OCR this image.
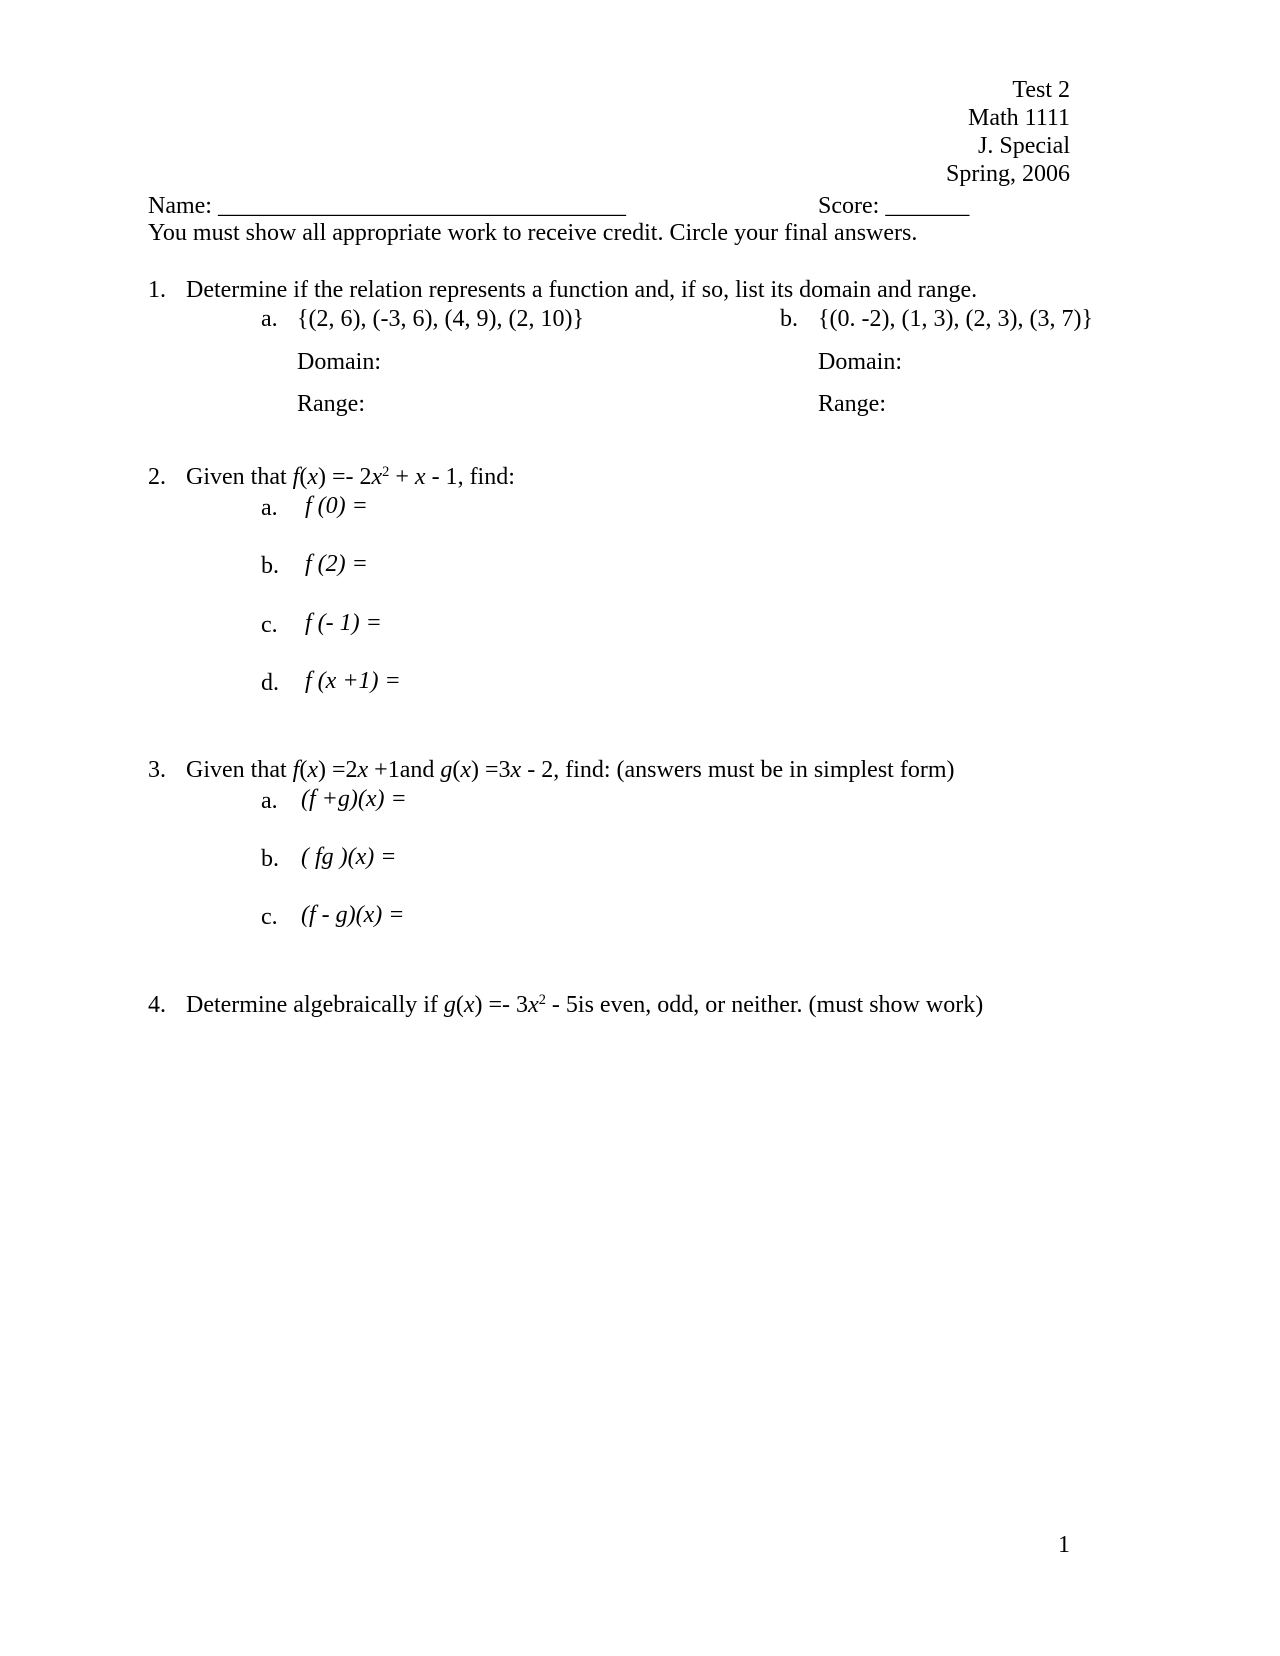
Test 2
Math 1111
J. Special
Spring, 2006
Name: __________________________________	Score: _______
You must show all appropriate work to receive credit. Circle your final answers.
1. Determine if the relation represents a function and, if so, list its domain and range.
a. {(2, 6), (-3, 6), (4, 9), (2, 10)}	b. {(0. -2), (1, 3), (2, 3), (3, 7)}
Domain:	Domain:
Range:	Range:
2. Given that $f(x) =- 2x^2 + x - 1$, find:
a. f (0) =
b. f (2) =
c. f (- 1) =
d. f (x +1) =
3. Given that f(x) =2x +1and g(x) =3x - 2, find: (answers must be in simplest form)
a. (f +g)(x) =
b. ( fg )(x) =
c. (f - g)(x) =
4. Determine algebraically if $g(x) =- 3x^2 - 5is$ even, odd, or neither. (must show work)
1
